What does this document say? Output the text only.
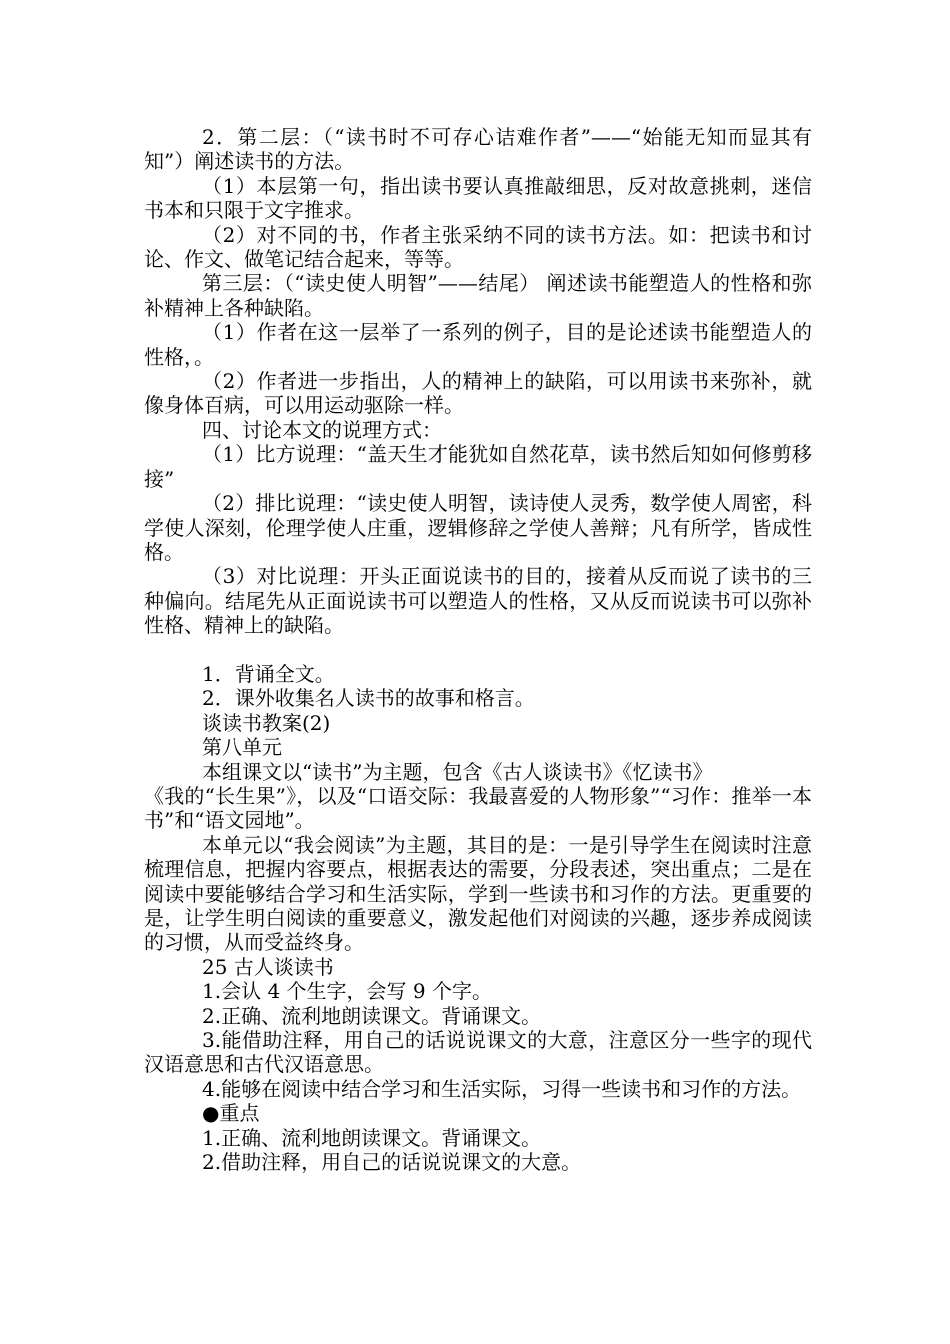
2．第二层：（“读书时不可存心诘难作者”——“始能无知而显其有知”）阐述读书的方法。

（1）本层第一句，指出读书要认真推敲细思，反对故意挑刺，迷信书本和只限于文字推求。

（2）对不同的书，作者主张采纳不同的读书方法。如：把读书和讨论、作文、做笔记结合起来，等等。

第三层：（“读史使人明智”——结尾） 阐述读书能塑造人的性格和弥补精神上各种缺陷。

（1）作者在这一层举了一系列的例子，目的是论述读书能塑造人的性格，。

（2）作者进一步指出，人的精神上的缺陷，可以用读书来弥补，就像身体百病，可以用运动驱除一样。

四、讨论本文的说理方式：

（1）比方说理：“盖天生才能犹如自然花草，读书然后知如何修剪移接”

（2）排比说理：“读史使人明智，读诗使人灵秀，数学使人周密，科学使人深刻，伦理学使人庄重，逻辑修辞之学使人善辩；凡有所学，皆成性格。

（3）对比说理：开头正面说读书的目的，接着从反而说了读书的三种偏向。结尾先从正面说读书可以塑造人的性格，又从反而说读书可以弥补性格、精神上的缺陷。

1．背诵全文。

2．课外收集名人读书的故事和格言。

谈读书教案(2)

第八单元

本组课文以“读书”为主题，包含《古人谈读书》《忆读书》

《我的“长生果”》，以及“口语交际：我最喜爱的人物形象”“习作：推举一本书”和“语文园地”。

本单元以“我会阅读”为主题，其目的是：一是引导学生在阅读时注意梳理信息，把握内容要点，根据表达的需要，分段表述，突出重点；二是在阅读中要能够结合学习和生活实际，学到一些读书和习作的方法。更重要的是，让学生明白阅读的重要意义，激发起他们对阅读的兴趣，逐步养成阅读的习惯，从而受益终身。

25 古人谈读书

1.会认 4 个生字，会写 9 个字。

2.正确、流利地朗读课文。背诵课文。

3.能借助注释，用自己的话说说课文的大意，注意区分一些字的现代汉语意思和古代汉语意思。

4.能够在阅读中结合学习和生活实际，习得一些读书和习作的方法。

●重点

1.正确、流利地朗读课文。背诵课文。

2.借助注释，用自己的话说说课文的大意。
